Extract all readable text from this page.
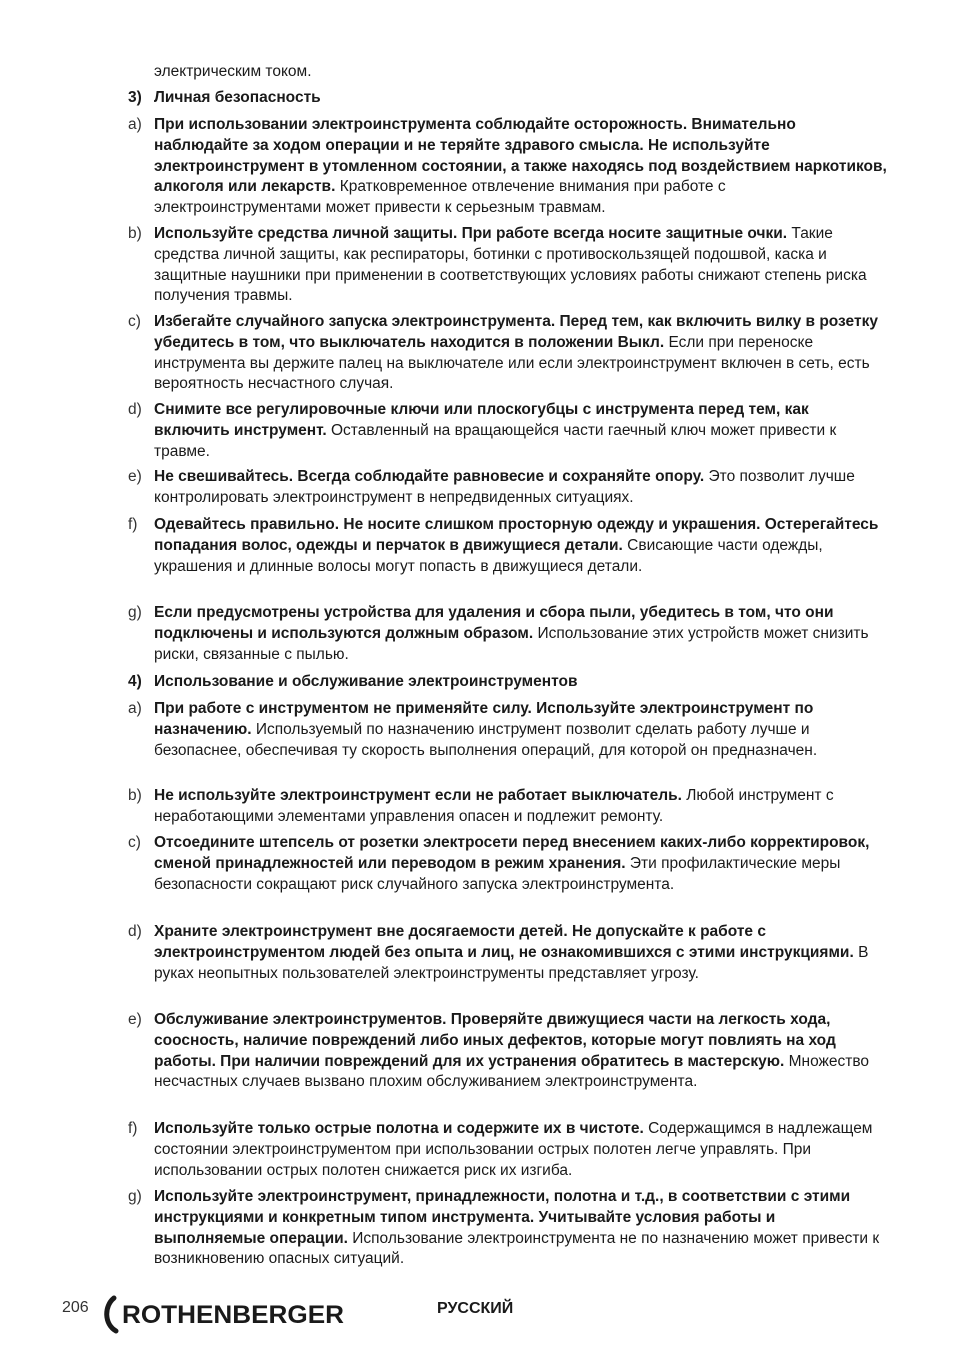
электрическим током.
3) Личная безопасность
a) При использовании электроинструмента соблюдайте осторожность. Внимательно наблюдайте за ходом операции и не теряйте здравого смысла. Не используйте электроинструмент в утомленном состоянии, а также находясь под воздействием наркотиков, алкоголя или лекарств. Кратковременное отвлечение внимания при работе с электроинструментами может привести к серьезным травмам.
b) Используйте средства личной защиты. При работе всегда носите защитные очки. Такие средства личной защиты, как респираторы, ботинки с противоскользящей подошвой, каска и защитные наушники при применении в соответствующих условиях работы снижают степень риска получения травмы.
c) Избегайте случайного запуска электроинструмента. Перед тем, как включить вилку в розетку убедитесь в том, что выключатель находится в положении Выкл. Если при переноске инструмента вы держите палец на выключателе или если электроинструмент включен в сеть, есть вероятность несчастного случая.
d) Снимите все регулировочные ключи или плоскогубцы с инструмента перед тем, как включить инструмент. Оставленный на вращающейся части гаечный ключ может привести к травме.
e) Не свешивайтесь. Всегда соблюдайте равновесие и сохраняйте опору. Это позволит лучше контролировать электроинструмент в непредвиденных ситуациях.
f)	Одевайтесь правильно. Не носите слишком просторную одежду и украшения. Остерегайтесь попадания волос, одежды и перчаток в движущиеся детали. Свисающие части одежды, украшения и длинные волосы могут попасть в движущиеся детали.
g) Если предусмотрены устройства для удаления и сбора пыли, убедитесь в том, что они подключены и используются должным образом. Использование этих устройств может снизить риски, связанные с пылью.
4) Использование и обслуживание электроинструментов
a) При работе с инструментом не применяйте силу. Используйте электроинструмент по назначению. Используемый по назначению инструмент позволит сделать работу лучше и безопаснее, обеспечивая ту скорость выполнения операций, для которой он предназначен.
b) Не используйте электроинструмент если не работает выключатель. Любой инструмент с неработающими элементами управления опасен и подлежит ремонту.
c) Отсоедините штепсель от розетки электросети перед внесением каких-либо корректировок, сменой принадлежностей или переводом в режим хранения. Эти профилактические меры безопасности сокращают риск случайного запуска электроинструмента.
d) Храните электроинструмент вне досягаемости детей. Не допускайте к работе с электроинструментом людей без опыта и лиц, не ознакомившихся с этими инструкциями. В руках неопытных пользователей электроинструменты представляет угрозу.
e) Обслуживание электроинструментов. Проверяйте движущиеся части на легкость хода, соосность, наличие повреждений либо иных дефектов, которые могут повлиять на ход работы. При наличии повреждений для их устранения обратитесь в мастерскую. Множество несчастных случаев вызвано плохим обслуживанием электроинструмента.
f)	Используйте только острые полотна и содержите их в чистоте. Содержащимся в надлежащем состоянии электроинструментом при использовании острых полотен легче управлять. При использовании острых полотен снижается риск их изгиба.
g) Используйте электроинструмент, принадлежности, полотна и т.д., в соответствии с этими инструкциями и конкретным типом инструмента. Учитывайте условия работы и выполняемые операции. Использование электроинструмента не по назначению может привести к возникновению опасных ситуаций.
206 ROTHENBERGER	РУССКИЙ
